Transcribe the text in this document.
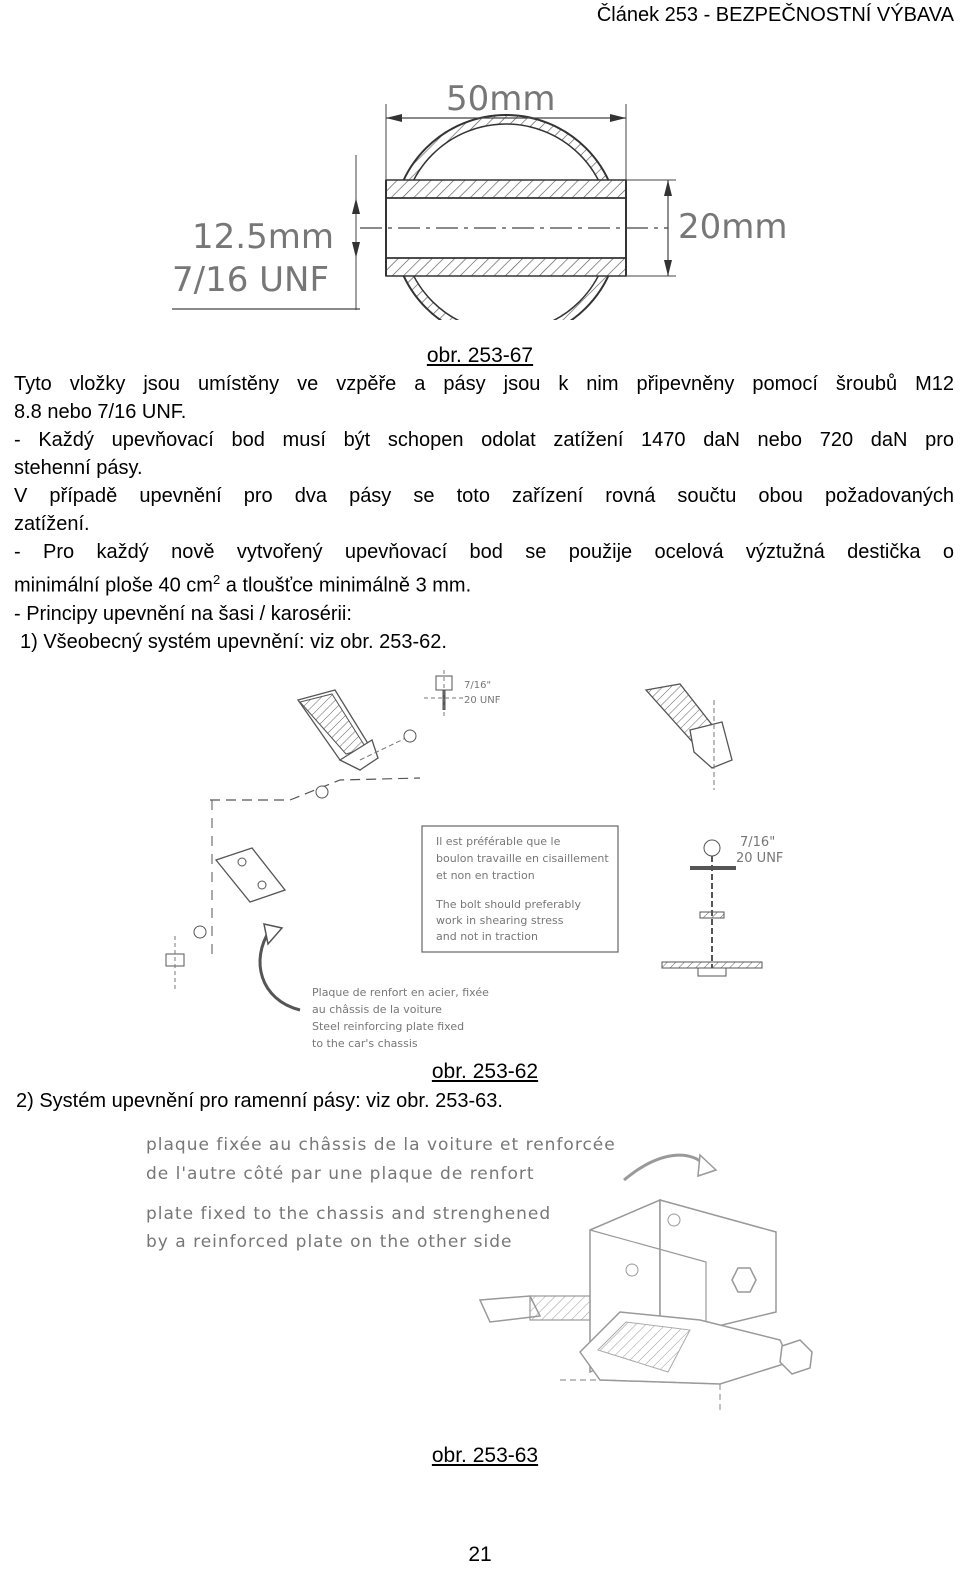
Článek 253 - BEZPEČNOSTNÍ VÝBAVA
50mm
20mm
12.5mm
7/16 UNF
obr. 253-67

Tyto vložky jsou umístěny ve vzpěře a pásy jsou k nim připevněny pomocí šroubů M12

8.8 nebo 7/16 UNF.

- Každý upevňovací bod musí být schopen odolat zatížení 1470 daN nebo 720 daN pro

stehenní pásy.

V případě upevnění pro dva pásy se toto zařízení rovná součtu obou požadovaných

zatížení.

- Pro každý nově vytvořený upevňovací bod se použije ocelová výztužná destička o

minimální ploše 40 $cm^2$ a tloušťce minimálně 3 mm.

- Principy upevnění na šasi / karosérii:

1) Všeobecný systém upevnění: viz obr. 253-62.

Il est préférable que le
boulon travaille en cisaillement
et non en traction
The bolt should preferably
work in shearing stress
and not in traction
7/16"
20 UNF
7/16"
20 UNF
Plaque de renfort en acier, fixée
au châssis de la voiture
Steel reinforcing plate fixed
to the car's chassis
obr. 253-62

2) Systém upevnění pro ramenní pásy: viz obr. 253-63.

plaque fixée au châssis de la voiture et renforcée
de l'autre côté par une plaque de renfort
plate fixed to the chassis and strenghened
by a reinforced plate on the other side
obr. 253-63
21
